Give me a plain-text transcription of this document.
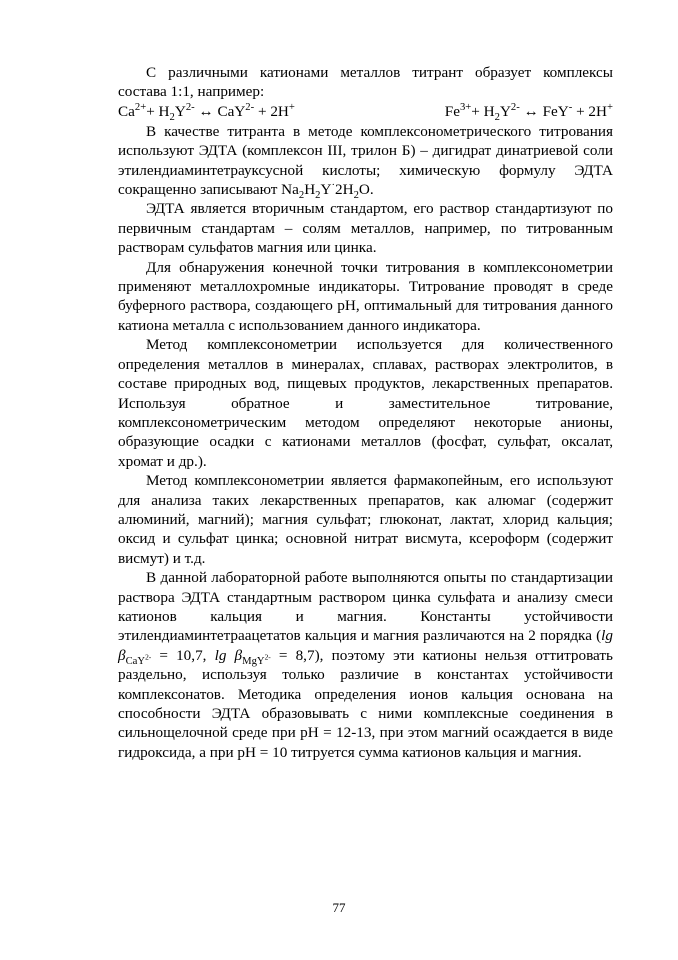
С различными катионами металлов титрант образует комплексы состава 1:1, например:

$Ca^{2+}+ H_2Y^{2-}$ ↔ CaY$^{2-}$ + 2H+	$Fe^{3+}+ H_2Y^{2-}$ ↔ FeY- + 2H+

В качестве титранта в методе комплексонометрического титрования используют ЭДТА (комплексон III, трилон Б) – дигидрат динатриевой соли этилендиаминтетрауксусной кислоты; химическую формулу ЭДТА сокращенно записывают $Na_2H_2Y^\cdot 2H_2O$.

ЭДТА является вторичным стандартом, его раствор стандартизуют по первичным стандартам – солям металлов, например, по титрованным растворам сульфатов магния или цинка.

Для обнаружения конечной точки титрования в комплексонометрии применяют металлохромные индикаторы. Титрование проводят в среде буферного раствора, создающего pH, оптимальный для титрования данного катиона металла с использованием данного индикатора.

Метод комплексонометрии используется для количественного определения металлов в минералах, сплавах, растворах электролитов, в составе природных вод, пищевых продуктов, лекарственных препаратов. Используя обратное и заместительное титрование, комплексонометрическим методом определяют некоторые анионы, образующие осадки с катионами металлов (фосфат, сульфат, оксалат, хромат и др.).

Метод комплексонометрии является фармакопейным, его используют для анализа таких лекарственных препаратов, как алюмаг (содержит алюминий, магний); магния сульфат; глюконат, лактат, хлорид кальция; оксид и сульфат цинка; основной нитрат висмута, ксероформ (содержит висмут) и т.д.

В данной лабораторной работе выполняются опыты по стандартизации раствора ЭДТА стандартным раствором цинка сульфата и анализу смеси катионов кальция и магния. Константы устойчивости этилендиаминтетраацетатов кальция и магния различаются на 2 порядка (lg $\beta_{CaY^{2-}} = 10,7$, $\lg \beta_{MgY^{2-}} = 8,7$), поэтому эти катионы нельзя оттитровать раздельно, используя только различие в константах устойчивости комплексонатов. Методика определения ионов кальция основана на способности ЭДТА образовывать с ними комплексные соединения в сильнощелочной среде при pH = 12-13, при этом магний осаждается в виде гидроксида, а при pH = 10 титруется сумма катионов кальция и магния.

77
